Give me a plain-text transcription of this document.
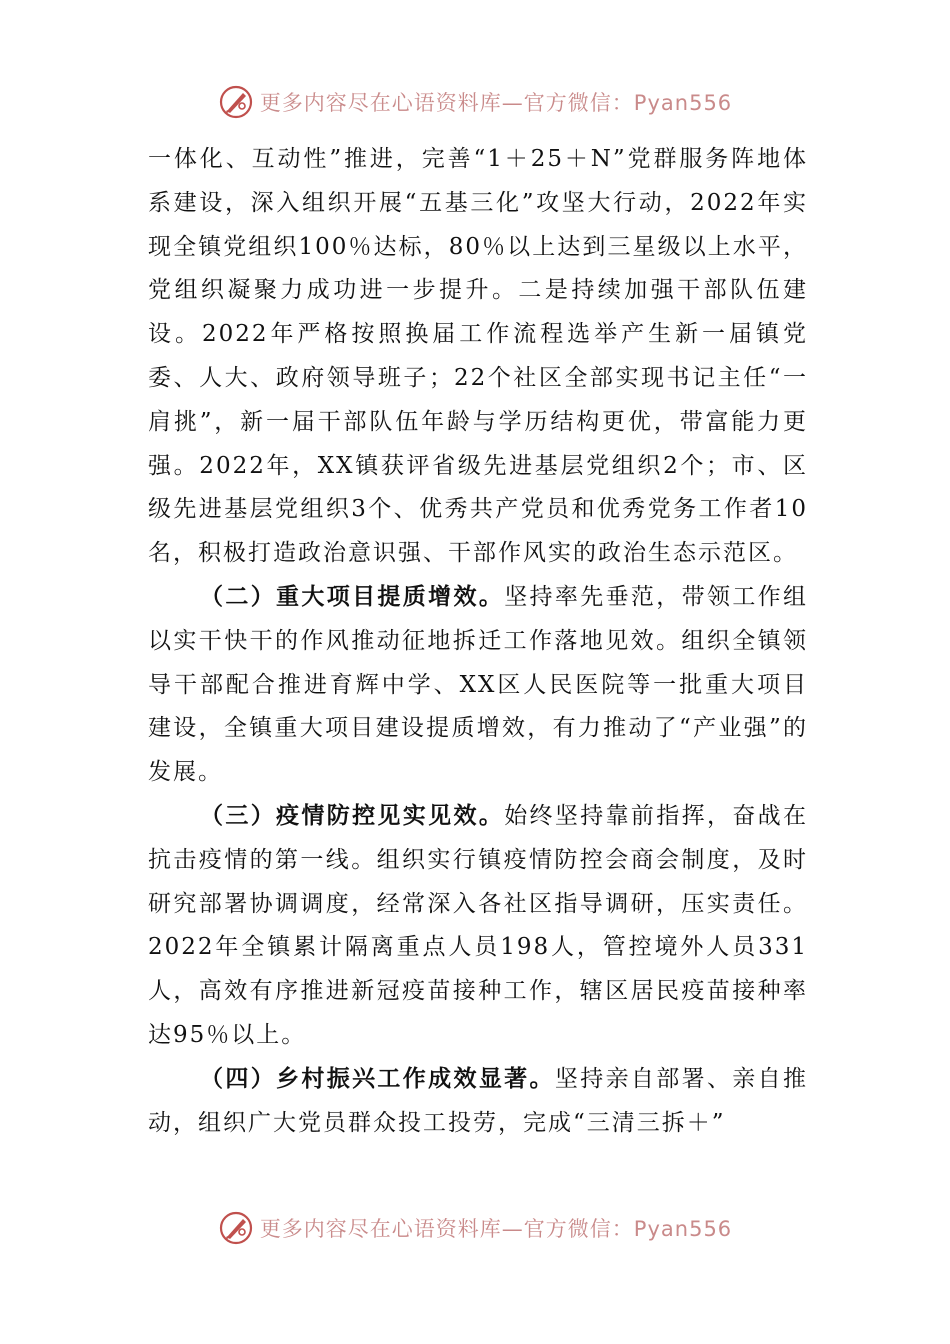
更多内容尽在心语资料库—官方微信：Pyan556

一体化、互动性”推进，完善“1＋25＋N”党群服务阵地体系建设，深入组织开展“五基三化”攻坚大行动，2022年实现全镇党组织100％达标，80％以上达到三星级以上水平，党组织凝聚力成功进一步提升。二是持续加强干部队伍建设。2022年严格按照换届工作流程选举产生新一届镇党委、人大、政府领导班子；22个社区全部实现书记主任“一肩挑”，新一届干部队伍年龄与学历结构更优，带富能力更强。2022年，XX镇获评省级先进基层党组织2个；市、区级先进基层党组织3个、优秀共产党员和优秀党务工作者10名，积极打造政治意识强、干部作风实的政治生态示范区。

（二）重大项目提质增效。坚持率先垂范，带领工作组以实干快干的作风推动征地拆迁工作落地见效。组织全镇领导干部配合推进育辉中学、XX区人民医院等一批重大项目建设，全镇重大项目建设提质增效，有力推动了“产业强”的发展。

（三）疫情防控见实见效。始终坚持靠前指挥，奋战在抗击疫情的第一线。组织实行镇疫情防控会商会制度，及时研究部署协调调度，经常深入各社区指导调研，压实责任。2022年全镇累计隔离重点人员198人，管控境外人员331人，高效有序推进新冠疫苗接种工作，辖区居民疫苗接种率达95％以上。

（四）乡村振兴工作成效显著。坚持亲自部署、亲自推动，组织广大党员群众投工投劳，完成“三清三拆＋”

更多内容尽在心语资料库—官方微信：Pyan556
